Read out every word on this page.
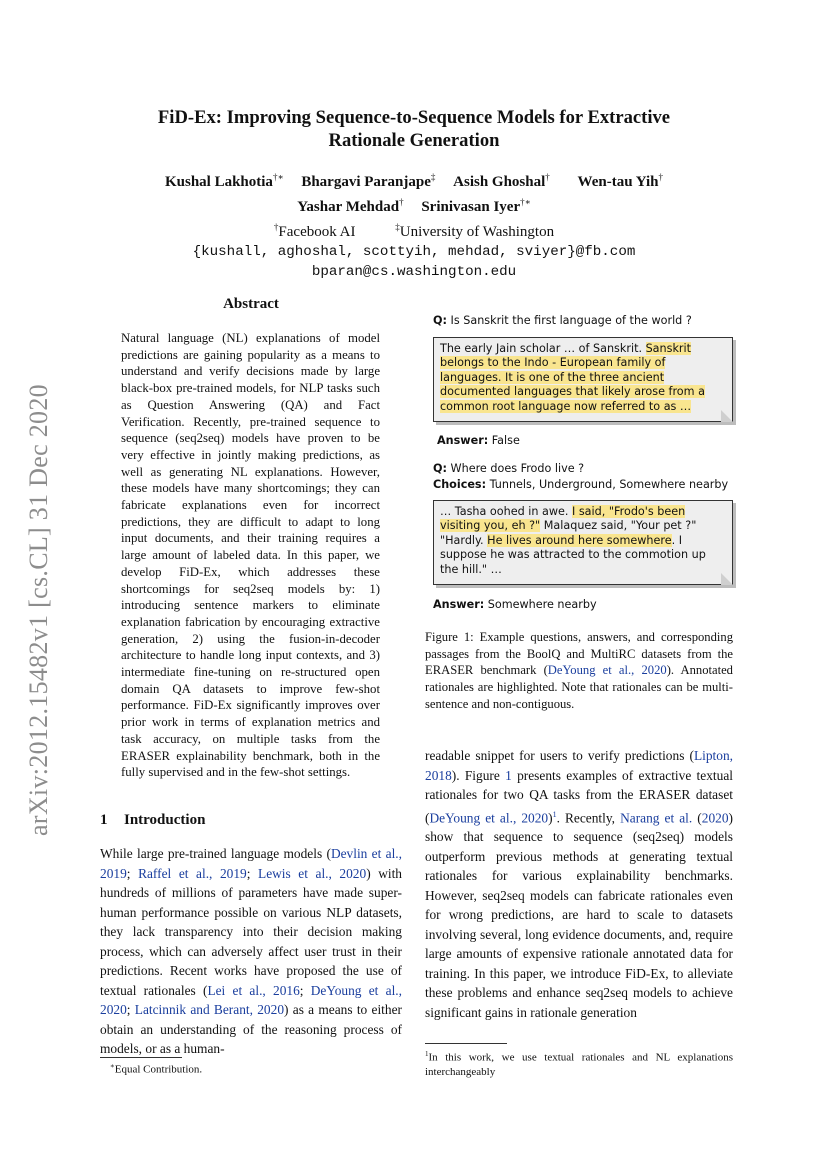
arXiv:2012.15482v1 [cs.CL] 31 Dec 2020
FiD-Ex: Improving Sequence-to-Sequence Models for Extractive
Rationale Generation
Kushal Lakhotia†∗ Bhargavi Paranjape‡ Asish Ghoshal† Wen-tau Yih†
Yashar Mehdad† Srinivasan Iyer†∗
†Facebook AI	‡University of Washington
{kushall, aghoshal, scottyih, mehdad, sviyer}@fb.com
bparan@cs.washington.edu
Abstract
Natural language (NL) explanations of model predictions are gaining popularity as a means to understand and verify decisions made by large black-box pre-trained models, for NLP tasks such as Question Answering (QA) and Fact Verification. Recently, pre-trained sequence to sequence (seq2seq) models have proven to be very effective in jointly making predictions, as well as generating NL explanations. However, these models have many shortcomings; they can fabricate explanations even for incorrect predictions, they are difficult to adapt to long input documents, and their training requires a large amount of labeled data. In this paper, we develop FiD-Ex, which addresses these shortcomings for seq2seq models by: 1) introducing sentence markers to eliminate explanation fabrication by encouraging extractive generation, 2) using the fusion-in-decoder architecture to handle long input contexts, and 3) intermediate fine-tuning on re-structured open domain QA datasets to improve few-shot performance. FiD-Ex significantly improves over prior work in terms of explanation metrics and task accuracy, on multiple tasks from the ERASER explainability benchmark, both in the fully supervised and in the few-shot settings.
1 Introduction
While large pre-trained language models (Devlin et al., 2019; Raffel et al., 2019; Lewis et al., 2020) with hundreds of millions of parameters have made super-human performance possible on various NLP datasets, they lack transparency into their decision making process, which can adversely affect user trust in their predictions. Recent works have proposed the use of textual rationales (Lei et al., 2016; DeYoung et al., 2020; Latcinnik and Berant, 2020) as a means to either obtain an understanding of the reasoning process of models, or as a human-
∗Equal Contribution.
Q: Is Sanskrit the first language of the world ?
The early Jain scholar … of Sanskrit. Sanskrit belongs to the Indo - European family of languages. It is one of the three ancient documented languages that likely arose from a common root language now referred to as …
Answer: False
Q: Where does Frodo live ?
Choices: Tunnels, Underground, Somewhere nearby
… Tasha oohed in awe. I said, "Frodo's been visiting you, eh ?" Malaquez said, "Your pet ?" "Hardly. He lives around here somewhere. I suppose he was attracted to the commotion up the hill." …
Answer: Somewhere nearby
Figure 1: Example questions, answers, and corresponding passages from the BoolQ and MultiRC datasets from the ERASER benchmark (DeYoung et al., 2020). Annotated rationales are highlighted. Note that rationales can be multi-sentence and non-contiguous.
readable snippet for users to verify predictions (Lipton, 2018). Figure 1 presents examples of extractive textual rationales for two QA tasks from the ERASER dataset (DeYoung et al., 2020)$^1$. Recently, Narang et al. (2020) show that sequence to sequence (seq2seq) models outperform previous methods at generating textual rationales for various explainability benchmarks. However, seq2seq models can fabricate rationales even for wrong predictions, are hard to scale to datasets involving several, long evidence documents, and, require large amounts of expensive rationale annotated data for training. In this paper, we introduce FiD-Ex, to alleviate these problems and enhance seq2seq models to achieve significant gains in rationale generation
$^1$In this work, we use textual rationales and NL explanations interchangeably
